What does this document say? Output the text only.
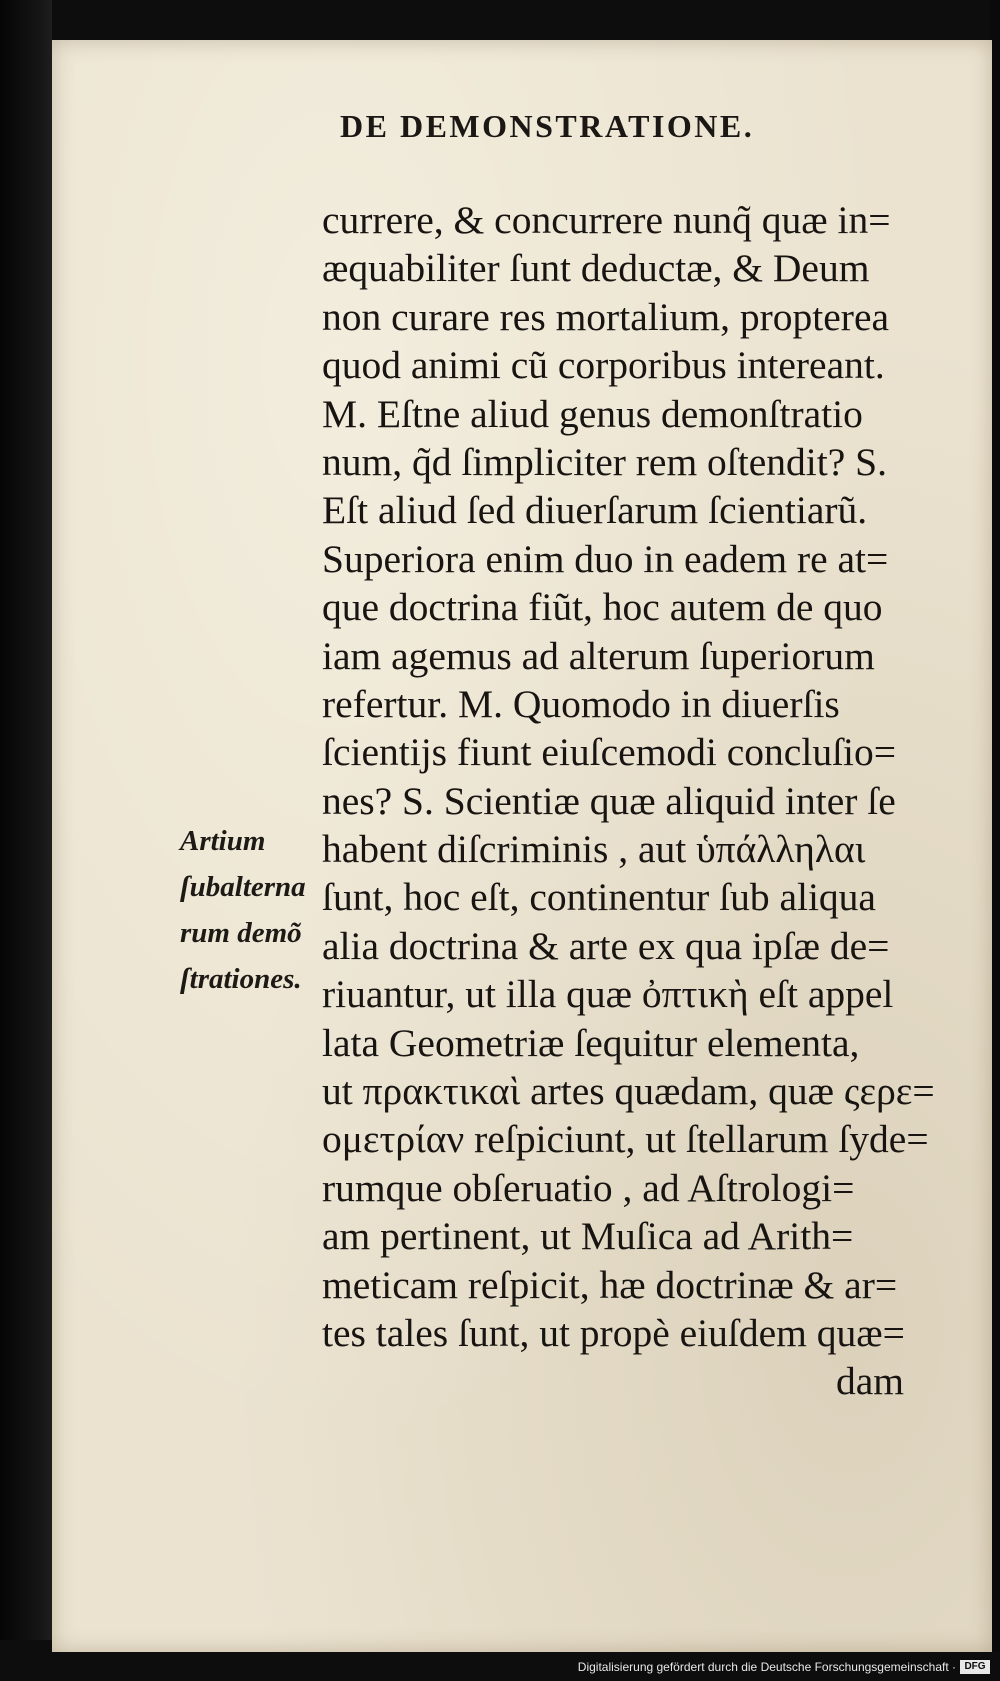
DE DEMONSTRATIONE.
Artium
ſubalterna
rum demõ
ſtrationes.
currere, & concurrere nunq̃ quæ in=
æquabiliter ſunt deductæ, & Deum
non curare res mortalium, propterea
quod animi cũ corporibus intereant.
M. Eſtne aliud genus demonſtratio
num, q̃d ſimpliciter rem oſtendit? S.
Eſt aliud ſed diuerſarum ſcientiarũ.
Superiora enim duo in eadem re at=
que doctrina fiũt, hoc autem de quo
iam agemus ad alterum ſuperiorum
refertur. M. Quomodo in diuerſis
ſcientijs fiunt eiuſcemodi concluſio=
nes? S. Scientiæ quæ aliquid inter ſe
habent diſcriminis , aut ὑπάλληλαι
ſunt, hoc eſt, continentur ſub aliqua
alia doctrina & arte ex qua ipſæ de=
riuantur, ut illa quæ ὀπτικὴ eſt appel
lata Geometriæ ſequitur elementa,
ut πρακτικαὶ artes quædam, quæ ςερε=
ομετρίαν reſpiciunt, ut ſtellarum ſyde=
rumque obſeruatio , ad Aſtrologi=
am pertinent, ut Muſica ad Arith=
meticam reſpicit, hæ doctrinæ & ar=
tes tales ſunt, ut propè eiuſdem quæ=
dam
Digitalisierung gefördert durch die Deutsche Forschungsgemeinschaft · DFG
